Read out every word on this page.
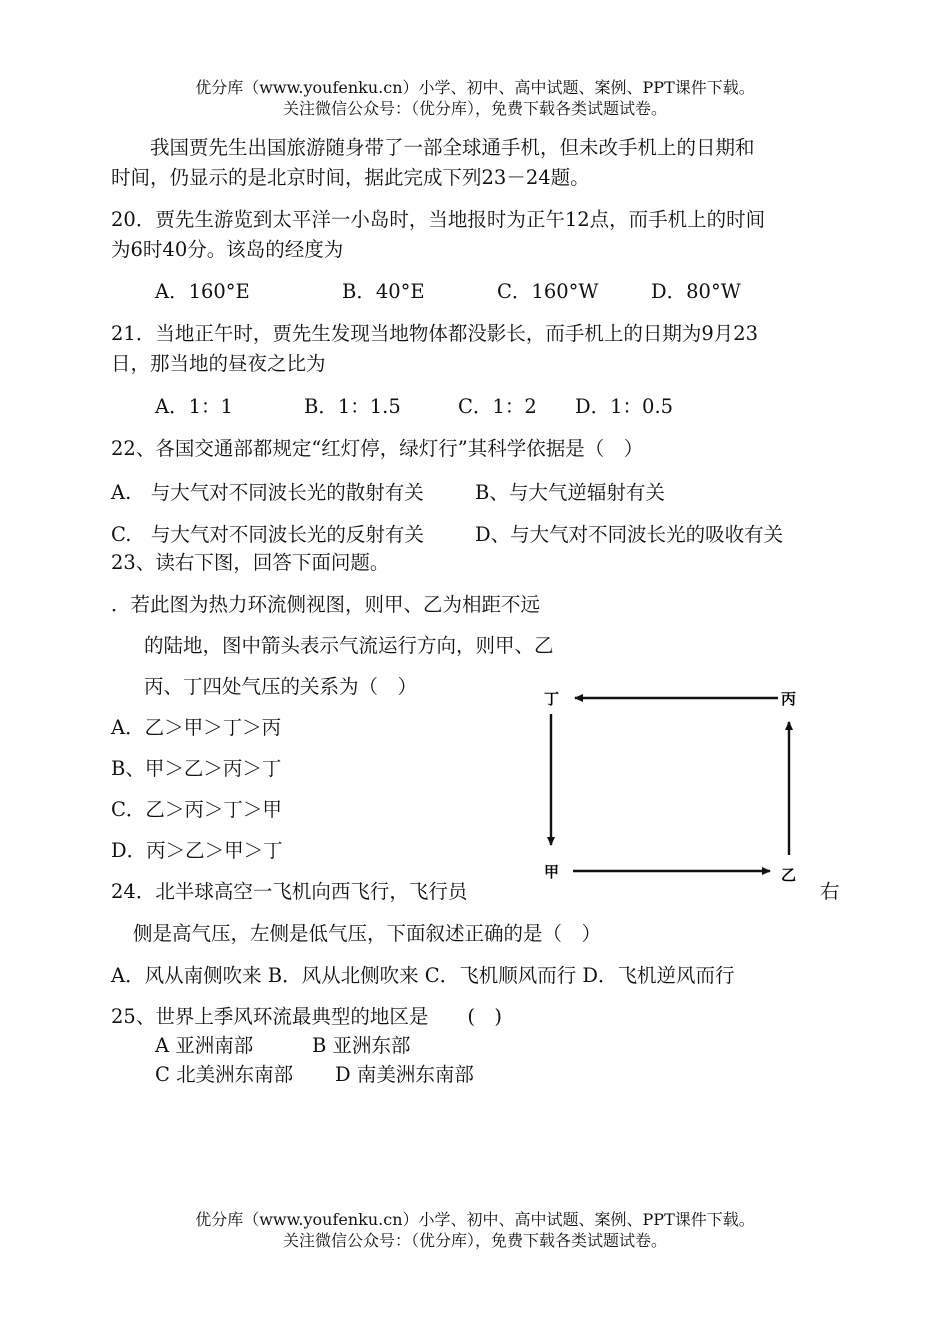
优分库（www.youfenku.cn）小学、初中、高中试题、案例、PPT课件下载。
关注微信公众号：（优分库），免费下载各类试题试卷。
我国贾先生出国旅游随身带了一部全球通手机，但未改手机上的日期和
时间，仍显示的是北京时间，据此完成下列23－24题。
20．贾先生游览到太平洋一小岛时，当地报时为正午12点，而手机上的时间
为6时40分。该岛的经度为
A．160°E	B．40°E	C．160°W	D．80°W
21．当地正午时，贾先生发现当地物体都没影长，而手机上的日期为9月23
日，那当地的昼夜之比为
A．1：1	B．1：1.5	C．1：2 D．1：0.5
22、各国交通部都规定“红灯停，绿灯行”其科学依据是（　）
A.　与大气对不同波长光的散射有关	B、与大气逆辐射有关
C.　与大气对不同波长光的反射有关	D、与大气对不同波长光的吸收有关
23、读右下图，回答下面问题。
．若此图为热力环流侧视图，则甲、乙为相距不远
的陆地，图中箭头表示气流运行方向，则甲、乙
丙、丁四处气压的关系为（　）
A．乙＞甲＞丁＞丙
B、甲＞乙＞丙＞丁
C．乙＞丙＞丁＞甲
D．丙＞乙＞甲＞丁
丁	丙
甲	乙
24．北半球高空一飞机向西飞行，飞行员	右
侧是高气压，左侧是低气压，下面叙述正确的是（　）
A．风从南侧吹来 B．风从北侧吹来 C．飞机顺风而行 D．飞机逆风而行
25、世界上季风环流最典型的地区是　　(　)
A 亚洲南部	B 亚洲东部
C 北美洲东南部 D 南美洲东南部
优分库（www.youfenku.cn）小学、初中、高中试题、案例、PPT课件下载。
关注微信公众号：（优分库），免费下载各类试题试卷。
